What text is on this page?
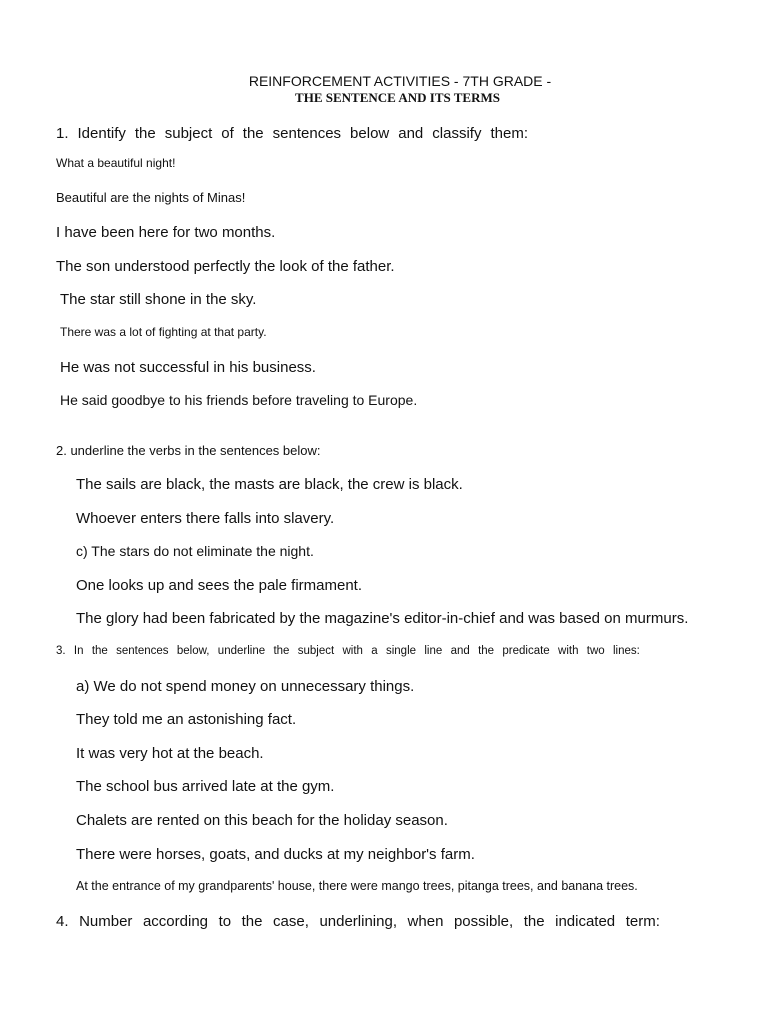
REINFORCEMENT ACTIVITIES - 7TH GRADE -
THE SENTENCE AND ITS TERMS
1. Identify the subject of the sentences below and classify them:
What a beautiful night!
Beautiful are the nights of Minas!
I have been here for two months.
The son understood perfectly the look of the father.
The star still shone in the sky.
There was a lot of fighting at that party.
He was not successful in his business.
He said goodbye to his friends before traveling to Europe.
2. underline the verbs in the sentences below:
The sails are black, the masts are black, the crew is black.
Whoever enters there falls into slavery.
c) The stars do not eliminate the night.
One looks up and sees the pale firmament.
The glory had been fabricated by the magazine's editor-in-chief and was based on murmurs.
3. In the sentences below, underline the subject with a single line and the predicate with two lines:
a) We do not spend money on unnecessary things.
They told me an astonishing fact.
It was very hot at the beach.
The school bus arrived late at the gym.
Chalets are rented on this beach for the holiday season.
There were horses, goats, and ducks at my neighbor's farm.
At the entrance of my grandparents' house, there were mango trees, pitanga trees, and banana trees.
4. Number according to the case, underlining, when possible, the indicated term:
